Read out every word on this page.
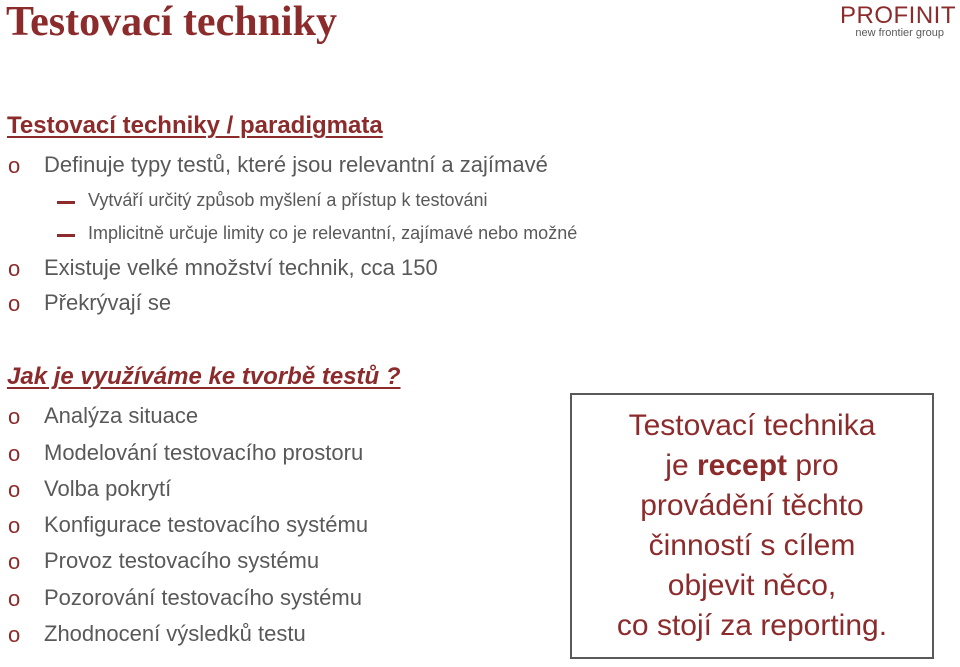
Testovací techniky	PROFINIT
new frontier group
Testovací techniky / paradigmata
o Definuje typy testů, které jsou relevantní a zajímavé
Vytváří určitý způsob myšlení a přístup k testováni
Implicitně určuje limity co je relevantní, zajímavé nebo možné
o Existuje velké množství technik, cca 150
o Překrývají se
Jak je využíváme ke tvorbě testů ?
o Analýza situace
o Modelování testovacího prostoru
o Volba pokrytí
o Konfigurace testovacího systému
o Provoz testovacího systému
o Pozorování testovacího systému
o Zhodnocení výsledků testu
Testovací technika
je recept pro
provádění těchto
činností s cílem
objevit něco,
co stojí za reporting.
